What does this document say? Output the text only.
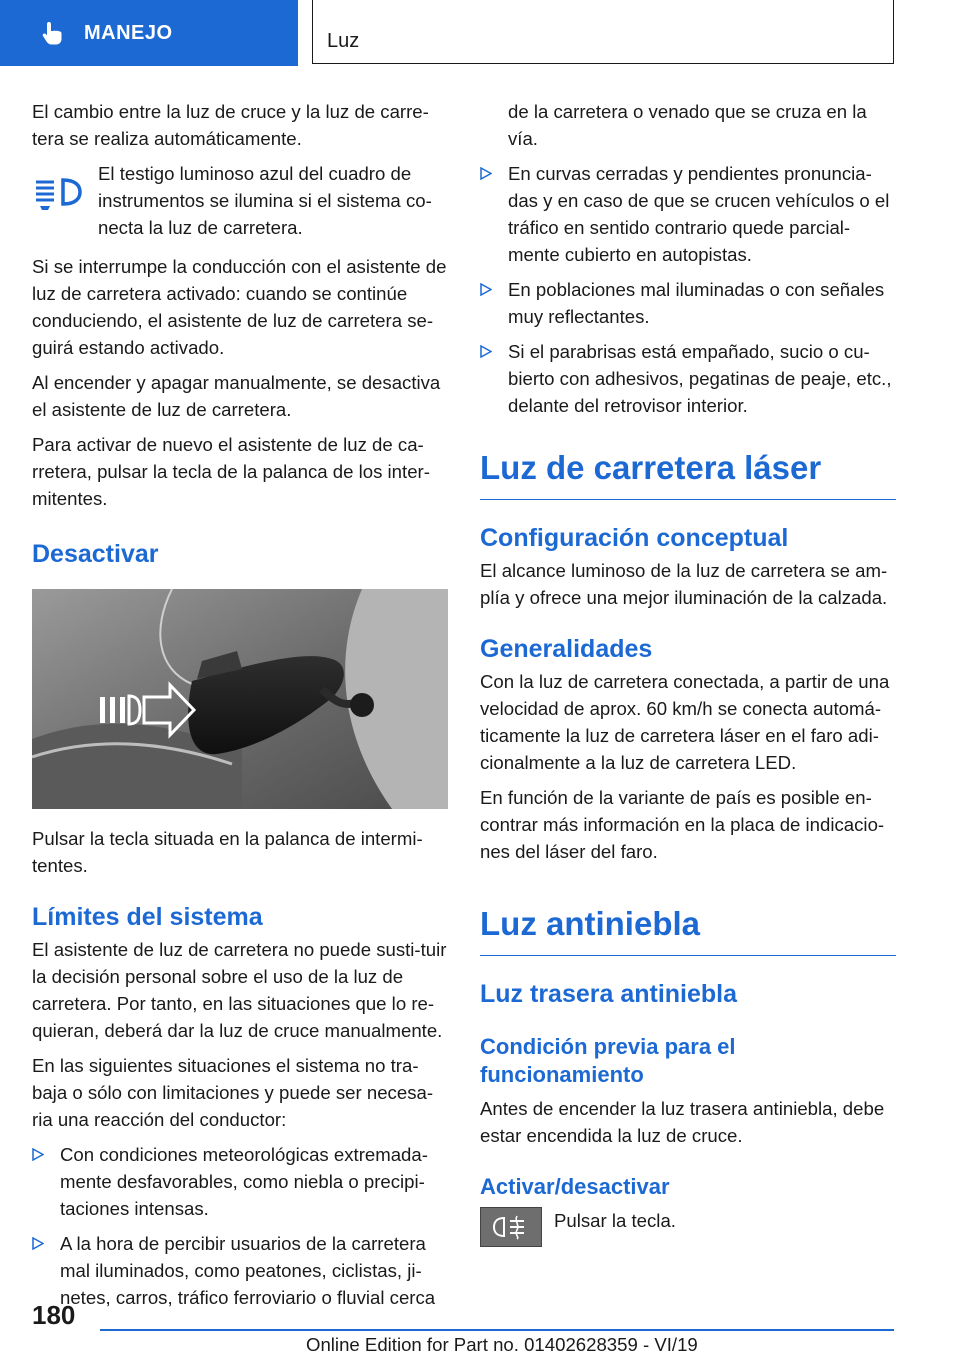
MANEJO	Luz

El cambio entre la luz de cruce y la luz de carre-tera se realiza automáticamente.

El testigo luminoso azul del cuadro de instrumentos se ilumina si el sistema co-necta la luz de carretera.

Si se interrumpe la conducción con el asistente de luz de carretera activado: cuando se continúe conduciendo, el asistente de luz de carretera se-guirá estando activado.

Al encender y apagar manualmente, se desactiva el asistente de luz de carretera.

Para activar de nuevo el asistente de luz de ca-rretera, pulsar la tecla de la palanca de los inter-mitentes.

Desactivar

Pulsar la tecla situada en la palanca de intermi-tentes.

Límites del sistema

El asistente de luz de carretera no puede susti-tuir la decisión personal sobre el uso de la luz de carretera. Por tanto, en las situaciones que lo re-quieran, deberá dar la luz de cruce manualmente.

En las siguientes situaciones el sistema no tra-baja o sólo con limitaciones y puede ser necesa-ria una reacción del conductor:

Con condiciones meteorológicas extremada-mente desfavorables, como niebla o precipi-taciones intensas.
A la hora de percibir usuarios de la carretera mal iluminados, como peatones, ciclistas, ji-netes, carros, tráfico ferroviario o fluvial cerca

de la carretera o venado que se cruza en la vía.

En curvas cerradas y pendientes pronuncia-das y en caso de que se crucen vehículos o el tráfico en sentido contrario quede parcial-mente cubierto en autopistas.
En poblaciones mal iluminadas o con señales muy reflectantes.
Si el parabrisas está empañado, sucio o cu-bierto con adhesivos, pegatinas de peaje, etc., delante del retrovisor interior.
Luz de carretera láser
Configuración conceptual

El alcance luminoso de la luz de carretera se am-plía y ofrece una mejor iluminación de la calzada.

Generalidades

Con la luz de carretera conectada, a partir de una velocidad de aprox. 60 km/h se conecta automá-ticamente la luz de carretera láser en el faro adi-cionalmente a la luz de carretera LED.

En función de la variante de país es posible en-contrar más información en la placa de indicacio-nes del láser del faro.

Luz antiniebla
Luz trasera antiniebla
Condición previa para el funcionamiento

Antes de encender la luz trasera antiniebla, debe estar encendida la luz de cruce.

Activar/desactivar

Pulsar la tecla.

180
Online Edition for Part no. 01402628359 - VI/19
